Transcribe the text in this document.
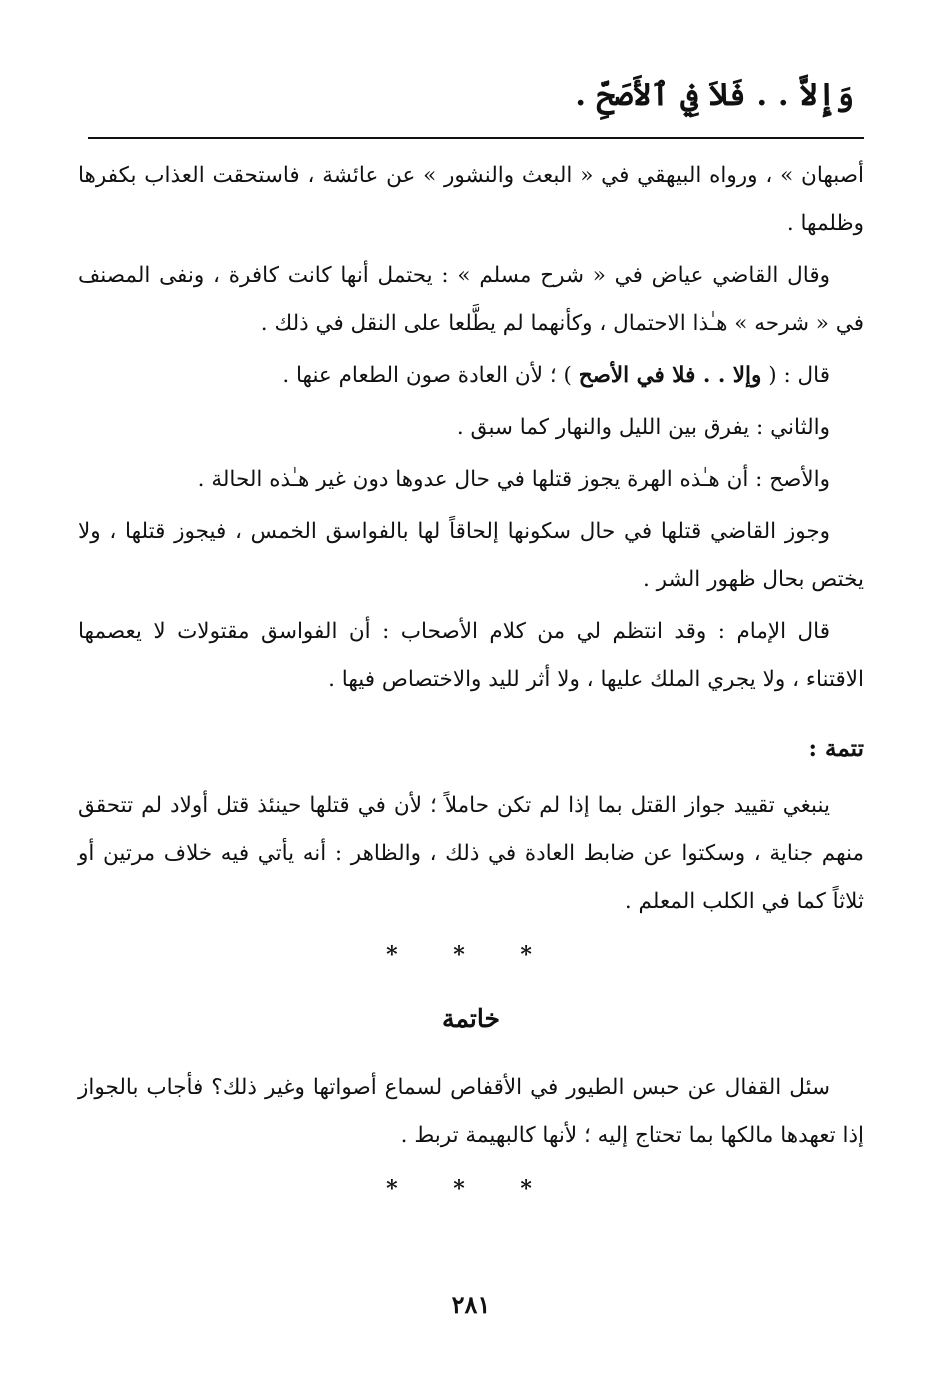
وَإِلاَّ . . فَلاَ فِي ٱلأَصَحِّ .

أصبهان » ، ورواه البيهقي في « البعث والنشور » عن عائشة ، فاستحقت العذاب بكفرها وظلمها .

وقال القاضي عياض في « شرح مسلم » : يحتمل أنها كانت كافرة ، ونفى المصنف في « شرحه » هـٰذا الاحتمال ، وكأنهما لم يطَّلعا على النقل في ذلك .

قال : ( وإلا . . فلا في الأصح ) ؛ لأن العادة صون الطعام عنها .

والثاني : يفرق بين الليل والنهار كما سبق .

والأصح : أن هـٰذه الهرة يجوز قتلها في حال عدوها دون غير هـٰذه الحالة .

وجوز القاضي قتلها في حال سكونها إلحاقاً لها بالفواسق الخمس ، فيجوز قتلها ، ولا يختص بحال ظهور الشر .

قال الإمام : وقد انتظم لي من كلام الأصحاب : أن الفواسق مقتولات لا يعصمها الاقتناء ، ولا يجري الملك عليها ، ولا أثر لليد والاختصاص فيها .

تتمة :

ينبغي تقييد جواز القتل بما إذا لم تكن حاملاً ؛ لأن في قتلها حينئذ قتل أولاد لم تتحقق منهم جناية ، وسكتوا عن ضابط العادة في ذلك ، والظاهر : أنه يأتي فيه خلاف مرتين أو ثلاثاً كما في الكلب المعلم .

* * *
خاتمة

سئل القفال عن حبس الطيور في الأقفاص لسماع أصواتها وغير ذلك؟ فأجاب بالجواز إذا تعهدها مالكها بما تحتاج إليه ؛ لأنها كالبهيمة تربط .

* * *
٢٨١
